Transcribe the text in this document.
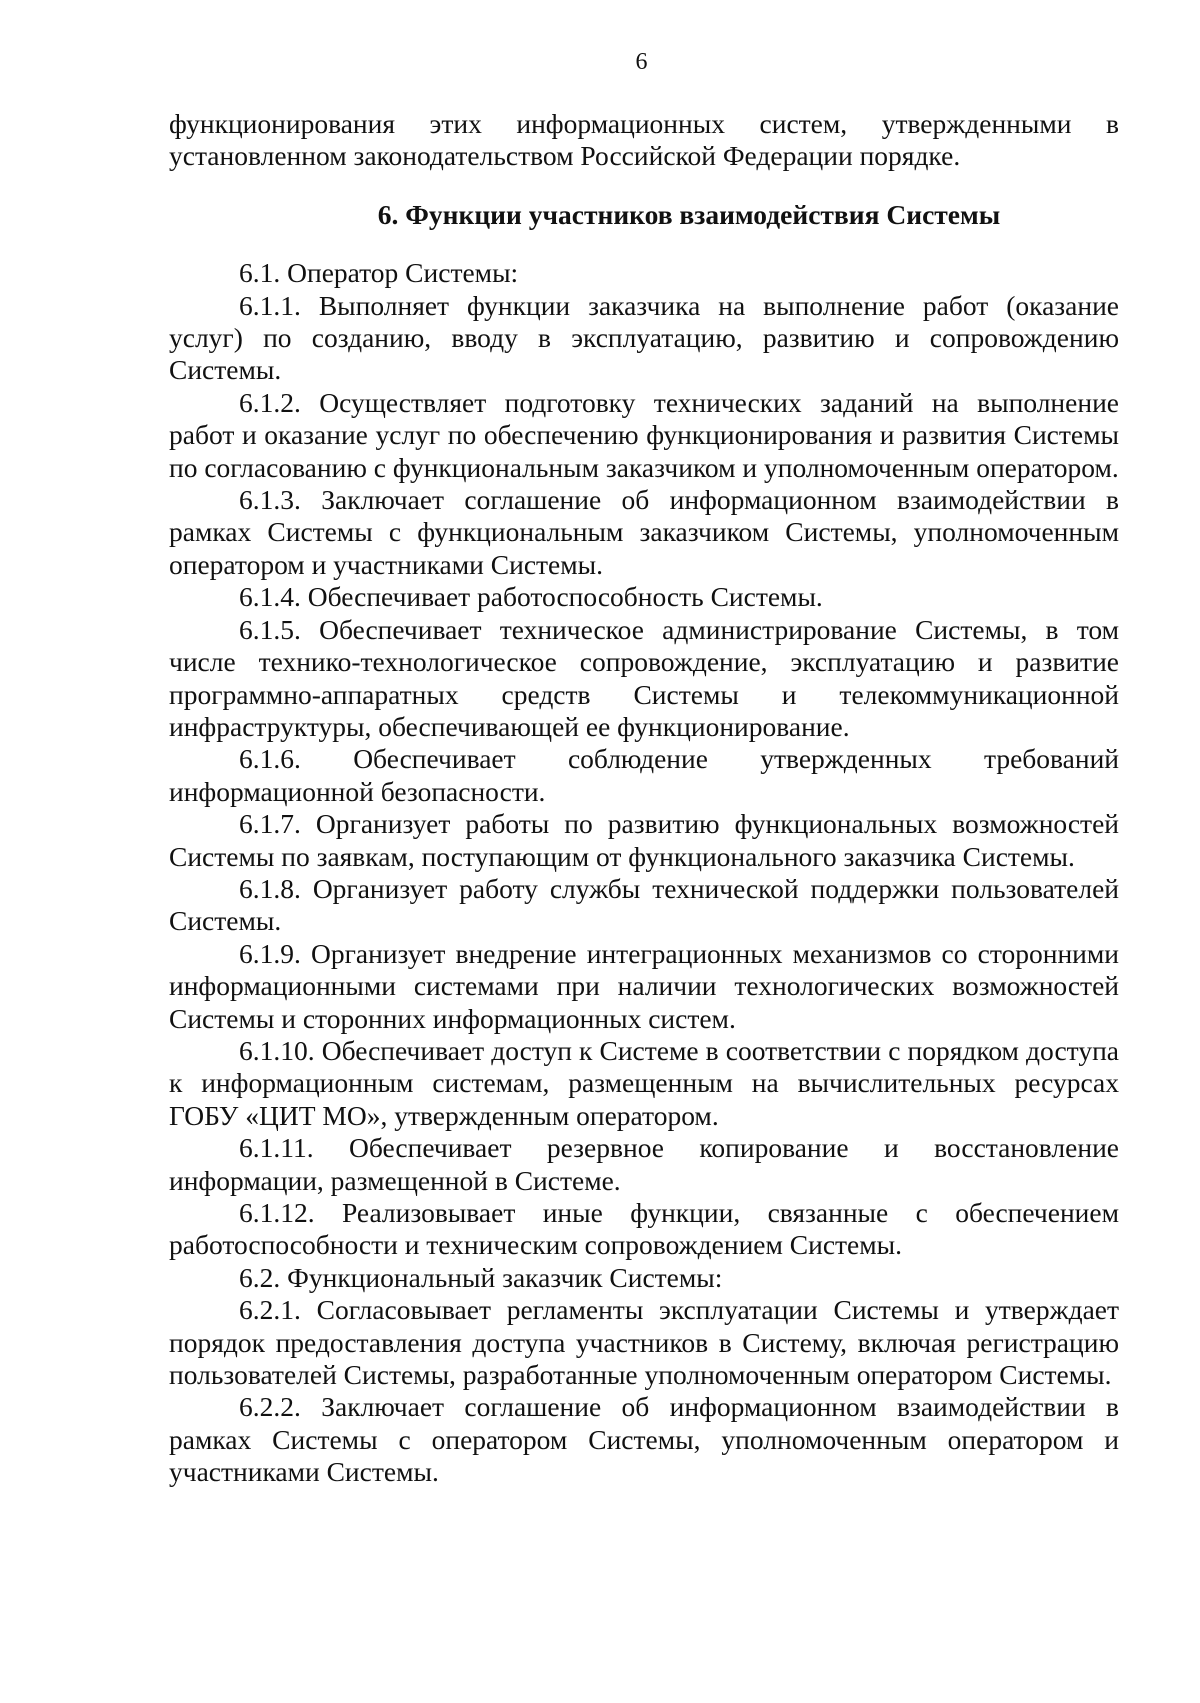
6

функционирования этих информационных систем, утвержденными в установленном законодательством Российской Федерации порядке.

6. Функции участников взаимодействия Системы

6.1. Оператор Системы:

6.1.1. Выполняет функции заказчика на выполнение работ (оказание услуг) по созданию, вводу в эксплуатацию, развитию и сопровождению Системы.

6.1.2. Осуществляет подготовку технических заданий на выполнение работ и оказание услуг по обеспечению функционирования и развития Системы по согласованию с функциональным заказчиком и уполномоченным оператором.

6.1.3. Заключает соглашение об информационном взаимодействии в рамках Системы с функциональным заказчиком Системы, уполномоченным оператором и участниками Системы.

6.1.4. Обеспечивает работоспособность Системы.

6.1.5. Обеспечивает техническое администрирование Системы, в том числе технико-технологическое сопровождение, эксплуатацию и развитие программно-аппаратных средств Системы и телекоммуникационной инфраструктуры, обеспечивающей ее функционирование.

6.1.6. Обеспечивает соблюдение утвержденных требований информационной безопасности.

6.1.7. Организует работы по развитию функциональных возможностей Системы по заявкам, поступающим от функционального заказчика Системы.

6.1.8. Организует работу службы технической поддержки пользователей Системы.

6.1.9. Организует внедрение интеграционных механизмов со сторонними информационными системами при наличии технологических возможностей Системы и сторонних информационных систем.

6.1.10. Обеспечивает доступ к Системе в соответствии с порядком доступа к информационным системам, размещенным на вычислительных ресурсах ГОБУ «ЦИТ МО», утвержденным оператором.

6.1.11. Обеспечивает резервное копирование и восстановление информации, размещенной в Системе.

6.1.12. Реализовывает иные функции, связанные с обеспечением работоспособности и техническим сопровождением Системы.

6.2. Функциональный заказчик Системы:

6.2.1. Согласовывает регламенты эксплуатации Системы и утверждает порядок предоставления доступа участников в Систему, включая регистрацию пользователей Системы, разработанные уполномоченным оператором Системы.

6.2.2. Заключает соглашение об информационном взаимодействии в рамках Системы с оператором Системы, уполномоченным оператором и участниками Системы.
